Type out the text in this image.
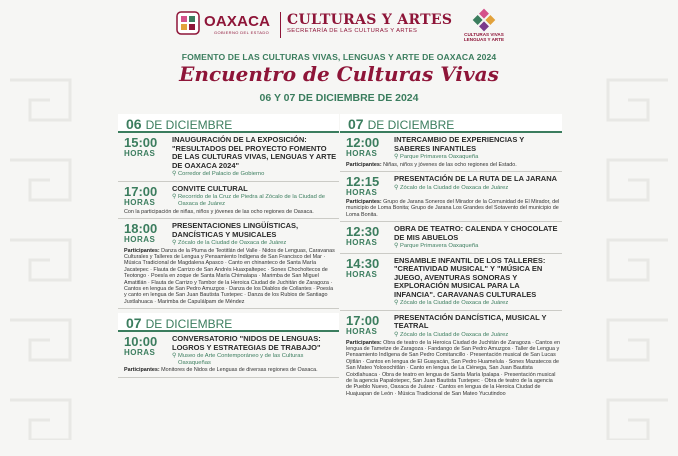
OAXACA
GOBIERNO DEL ESTADO
CULTURAS Y ARTES
SECRETARÍA DE LAS CULTURAS Y ARTES
CULTURAS VIVAS LENGUAS Y ARTE
FOMENTO DE LAS CULTURAS VIVAS, LENGUAS Y ARTE DE OAXACA 2024
Encuentro de Culturas Vivas
06 Y 07 DE DICIEMBRE DE 2024
06 DE DICIEMBRE
15:00
HORAS
INAUGURACIÓN DE LA EXPOSICIÓN: "RESULTADOS DEL PROYECTO FOMENTO DE LAS CULTURAS VIVAS, LENGUAS Y ARTE DE OAXACA 2024"
⚲ Corredor del Palacio de Gobierno
17:00
HORAS
CONVITE CULTURAL
⚲ Recorrido de la Cruz de Piedra al Zócalo de la Ciudad de Oaxaca de Juárez
Con la participación de niñas, niños y jóvenes de las ocho regiones de Oaxaca.
18:00
HORAS
PRESENTACIONES LINGÜÍSTICAS, DANCÍSTICAS Y MUSICALES
⚲ Zócalo de la Ciudad de Oaxaca de Juárez
Participantes: Danza de la Pluma de Teotitlán del Valle · Nidos de Lenguas, Caravanas Culturales y Talleres de Lengua y Pensamiento Indígena de San Francisco del Mar · Música Tradicional de Magdalena Apasco · Canto en chinanteco de Santa María Jacatepec · Flauta de Carrizo de San Andrés Huaxpaltepec · Sones Chocholtecos de Teotongo · Poesía en zoque de Santa María Chimalapa · Marimba de San Miguel Amatitlán · Flauta de Carrizo y Tambor de la Heroica Ciudad de Juchitán de Zaragoza · Cantos en lengua de San Pedro Amuzgos · Danza de los Diablos de Collantes · Poesía y canto en lengua de San Juan Bautista Tuxtepec · Danza de los Rubios de Santiago Juxtlahuaca · Marimba de Capulálpam de Méndez
07 DE DICIEMBRE
10:00
HORAS
CONVERSATORIO "NIDOS DE LENGUAS: LOGROS Y ESTRATEGIAS DE TRABAJO"
⚲ Museo de Arte Contemporáneo y de las Culturas Oaxaqueñas
Participantes: Monitores de Nidos de Lenguas de diversas regiones de Oaxaca.
07 DE DICIEMBRE
12:00
HORAS
INTERCAMBIO DE EXPERIENCIAS Y SABERES INFANTILES
⚲ Parque Primavera Oaxaqueña
Participantes: Niñas, niños y jóvenes de las ocho regiones del Estado.
12:15
HORAS
PRESENTACIÓN DE LA RUTA DE LA JARANA
⚲ Zócalo de la Ciudad de Oaxaca de Juárez
Participantes: Grupo de Jarana Soneros del Mirador de la Comunidad de El Mirador, del municipio de Loma Bonita; Grupo de Jarana Los Grandes del Sotavento del municipio de Loma Bonita.
12:30
HORAS
OBRA DE TEATRO: CALENDA Y CHOCOLATE DE MIS ABUELOS
⚲ Parque Primavera Oaxaqueña
14:30
HORAS
ENSAMBLE INFANTIL DE LOS TALLERES: "CREATIVIDAD MUSICAL" Y "MÚSICA EN JUEGO, AVENTURAS SONORAS Y EXPLORACIÓN MUSICAL PARA LA INFANCIA". CARAVANAS CULTURALES
⚲ Zócalo de la Ciudad de Oaxaca de Juárez
17:00
HORAS
PRESENTACIÓN DANCÍSTICA, MUSICAL Y TEATRAL
⚲ Zócalo de la Ciudad de Oaxaca de Juárez
Participantes: Obra de teatro de la Heroica Ciudad de Juchitán de Zaragoza · Cantos en lengua de Tametze de Zaragoza · Fandango de San Pedro Amuzgos · Taller de Lengua y Pensamiento Indígena de San Pedro Comitancillo · Presentación musical de San Lucas Ojitlán · Cantos en lengua de El Guayacán, San Pedro Huamelula · Sones Mazatecos de San Mateo Yoloxochitlán · Canto en lengua de La Ciénega, San Juan Bautista Coixtlahuaca · Obra de teatro en lengua de Santa María Ipalapa · Presentación musical de la agencia Papalotepec, San Juan Bautista Tuxtepec · Obra de teatro de la agencia de Pueblo Nuevo, Oaxaca de Juárez · Cantos en lengua de la Heroica Ciudad de Huajuapan de León · Música Tradicional de San Mateo Yucutindoo
